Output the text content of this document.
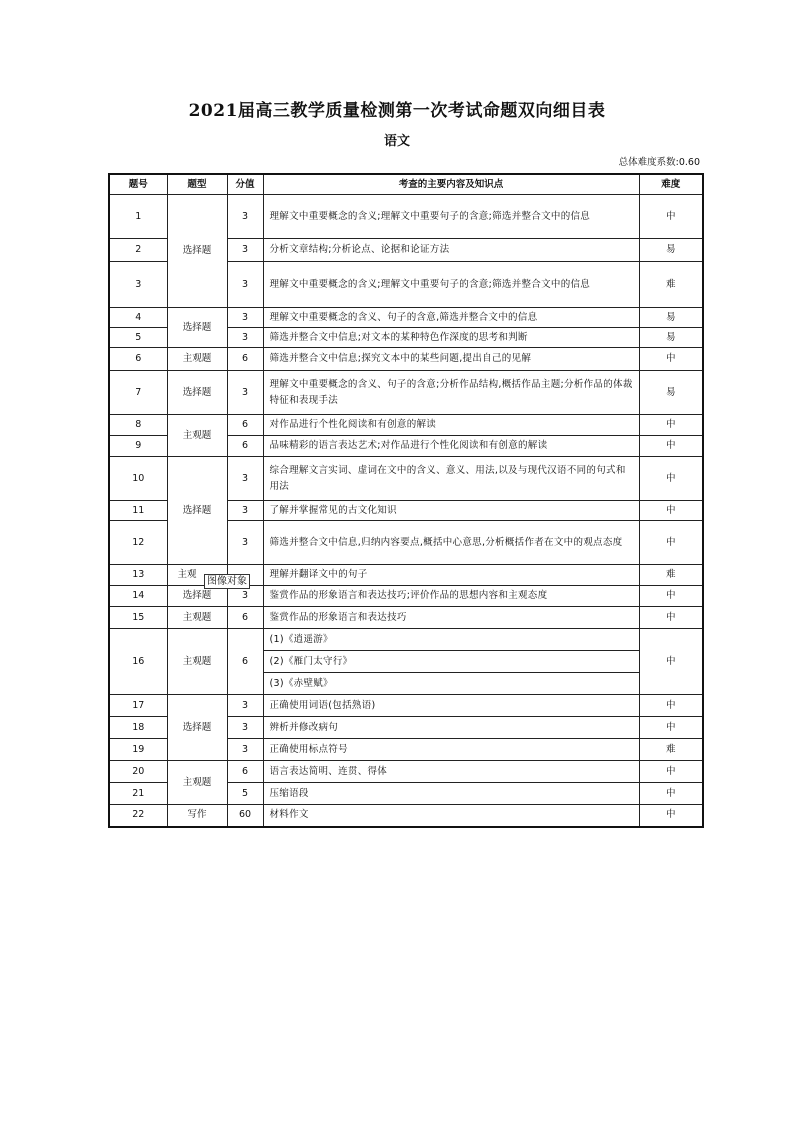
2021届高三教学质量检测第一次考试命题双向细目表
语文
总体难度系数:0.60
题号	题型	分值	考查的主要内容及知识点	难度
1	选择题	3	理解文中重要概念的含义;理解文中重要句子的含意;筛选并整合文中的信息	中
2		3	分析文章结构;分析论点、论据和论证方法	易
3		3	理解文中重要概念的含义;理解文中重要句子的含意;筛选并整合文中的信息	难
4	选择题	3	理解文中重要概念的含义、句子的含意,筛选并整合文中的信息	易
5		3	筛选并整合文中信息;对文本的某种特色作深度的思考和判断	易
6	主观题	6	筛选并整合文中信息;探究文本中的某些问题,提出自己的见解	中
7	选择题	3	理解文中重要概念的含义、句子的含意;分析作品结构,概括作品主题;分析作品的体裁特征和表现手法	易
8	主观题	6	对作品进行个性化阅读和有创意的解读	中
9		6	品味精彩的语言表达艺术;对作品进行个性化阅读和有创意的解读	中
10	选择题	3	综合理解文言实词、虚词在文中的含义、意义、用法,以及与现代汉语不同的句式和用法	中
11		3	了解并掌握常见的古文化知识	中
12		3	筛选并整合文中信息,归纳内容要点,概括中心意思,分析概括作者在文中的观点态度	中
13	主观		理解并翻译文中的句子	难
14	选择题	3	鉴赏作品的形象语言和表达技巧;评价作品的思想内容和主观态度	中
15	主观题	6	鉴赏作品的形象语言和表达技巧	中
16	主观题	6	(1)《逍遥游》	中
			(2)《雁门太守行》	
			(3)《赤壁赋》	
17	选择题	3	正确使用词语(包括熟语)	中
18		3	辨析并修改病句	中
19		3	正确使用标点符号	难
20	主观题	6	语言表达简明、连贯、得体	中
21		5	压缩语段	中
22	写作	60	材料作文	中
图像对象
